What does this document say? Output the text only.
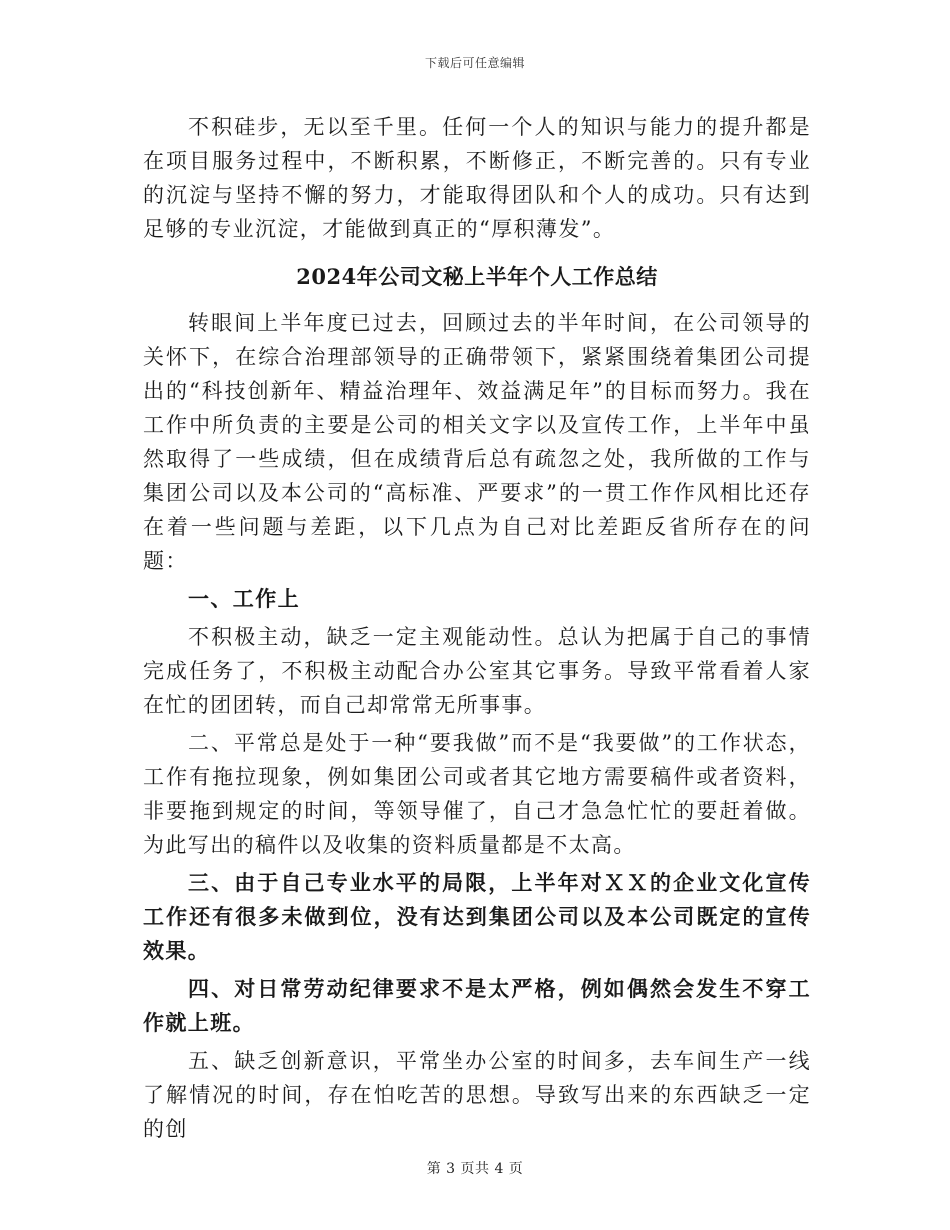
下载后可任意编辑

不积硅步，无以至千里。任何一个人的知识与能力的提升都是在项目服务过程中，不断积累，不断修正，不断完善的。只有专业的沉淀与坚持不懈的努力，才能取得团队和个人的成功。只有达到足够的专业沉淀，才能做到真正的“厚积薄发”。

2024年公司文秘上半年个人工作总结

转眼间上半年度已过去，回顾过去的半年时间，在公司领导的关怀下，在综合治理部领导的正确带领下，紧紧围绕着集团公司提出的“科技创新年、精益治理年、效益满足年”的目标而努力。我在工作中所负责的主要是公司的相关文字以及宣传工作，上半年中虽然取得了一些成绩，但在成绩背后总有疏忽之处，我所做的工作与集团公司以及本公司的“高标准、严要求”的一贯工作作风相比还存在着一些问题与差距，以下几点为自己对比差距反省所存在的问题：

一、工作上

不积极主动，缺乏一定主观能动性。总认为把属于自己的事情完成任务了，不积极主动配合办公室其它事务。导致平常看着人家在忙的团团转，而自己却常常无所事事。

二、平常总是处于一种“要我做”而不是“我要做”的工作状态，工作有拖拉现象，例如集团公司或者其它地方需要稿件或者资料，非要拖到规定的时间，等领导催了，自己才急急忙忙的要赶着做。为此写出的稿件以及收集的资料质量都是不太高。

三、由于自己专业水平的局限，上半年对ＸＸ的企业文化宣传工作还有很多未做到位，没有达到集团公司以及本公司既定的宣传效果。

四、对日常劳动纪律要求不是太严格，例如偶然会发生不穿工作就上班。

五、缺乏创新意识，平常坐办公室的时间多，去车间生产一线了解情况的时间，存在怕吃苦的思想。导致写出来的东西缺乏一定的创

第 3 页共 4 页
